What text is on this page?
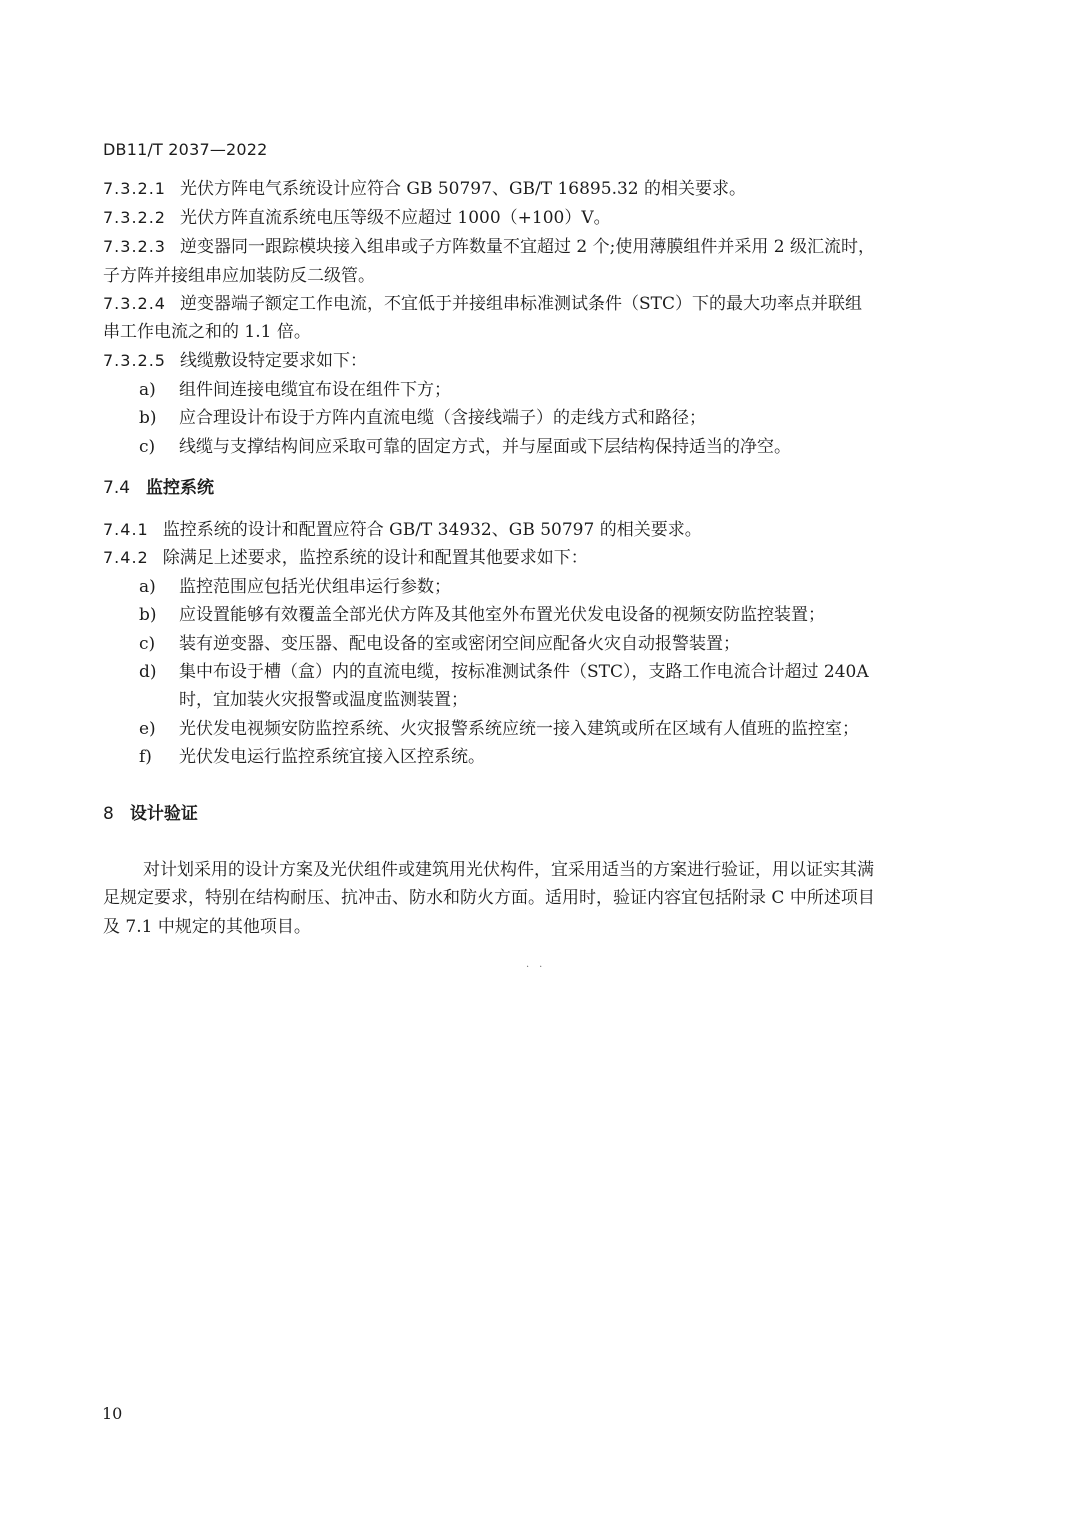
DB11/T 2037—2022
7.3.2.1 光伏方阵电气系统设计应符合 GB 50797、GB/T 16895.32 的相关要求。
7.3.2.2 光伏方阵直流系统电压等级不应超过 1000（+100）V。
7.3.2.3 逆变器同一跟踪模块接入组串或子方阵数量不宜超过 2 个;使用薄膜组件并采用 2 级汇流时，
子方阵并接组串应加装防反二级管。
7.3.2.4 逆变器端子额定工作电流，不宜低于并接组串标准测试条件（STC）下的最大功率点并联组
串工作电流之和的 1.1 倍。
7.3.2.5 线缆敷设特定要求如下：
a) 组件间连接电缆宜布设在组件下方；
b) 应合理设计布设于方阵内直流电缆（含接线端子）的走线方式和路径；
c) 线缆与支撑结构间应采取可靠的固定方式，并与屋面或下层结构保持适当的净空。
7.4 监控系统
7.4.1 监控系统的设计和配置应符合 GB/T 34932、GB 50797 的相关要求。
7.4.2 除满足上述要求，监控系统的设计和配置其他要求如下：
a) 监控范围应包括光伏组串运行参数；
b) 应设置能够有效覆盖全部光伏方阵及其他室外布置光伏发电设备的视频安防监控装置；
c) 装有逆变器、变压器、配电设备的室或密闭空间应配备火灾自动报警装置；
d) 集中布设于槽（盒）内的直流电缆，按标准测试条件（STC），支路工作电流合计超过 240A
时，宜加装火灾报警或温度监测装置；
e) 光伏发电视频安防监控系统、火灾报警系统应统一接入建筑或所在区域有人值班的监控室；
f) 光伏发电运行监控系统宜接入区控系统。
8 设计验证
对计划采用的设计方案及光伏组件或建筑用光伏构件，宜采用适当的方案进行验证，用以证实其满
足规定要求，特别在结构耐压、抗冲击、防水和防火方面。适用时，验证内容宜包括附录 C 中所述项目
及 7.1 中规定的其他项目。
··
10
